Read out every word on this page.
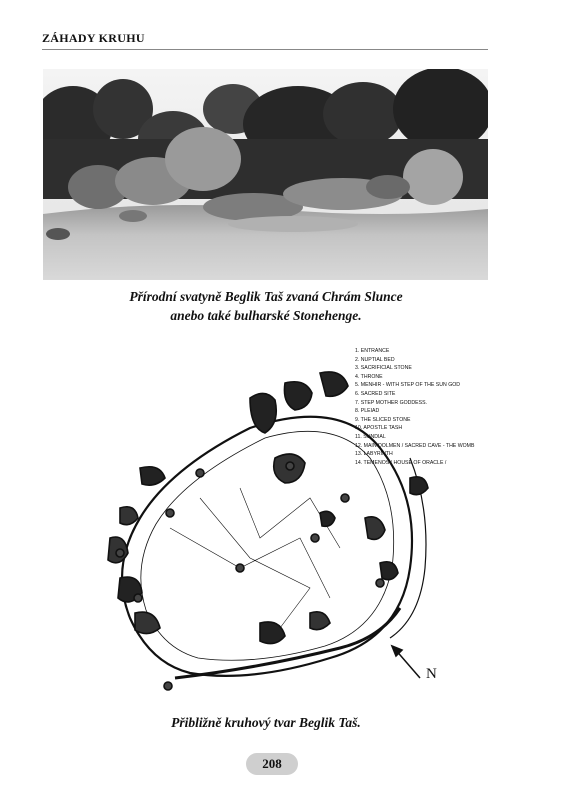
ZÁHADY KRUHU
Přírodní svatyně Beglik Taš zvaná Chrám Slunce
anebo také bulharské Stonehenge.
1. ENTRANCE
2. NUPTIAL BED
3. SACRIFICIAL STONE
4. THRONE
5. MENHIR - WITH STEP OF THE SUN GOD
6. SACRED SITE
7. STEP MOTHER GODDESS.
8. PLEIAD
9. THE SLICED STONE
10. APOSTLE TASH
11. SUNDIAL
12. MAIN DOLMEN / SACRED CAVE - THE WOMB
13. LABYRINTH
14. TEMENOS / HOUSE OF ORACLE /
N
Přibližně kruhový tvar Beglik Taš.
208
